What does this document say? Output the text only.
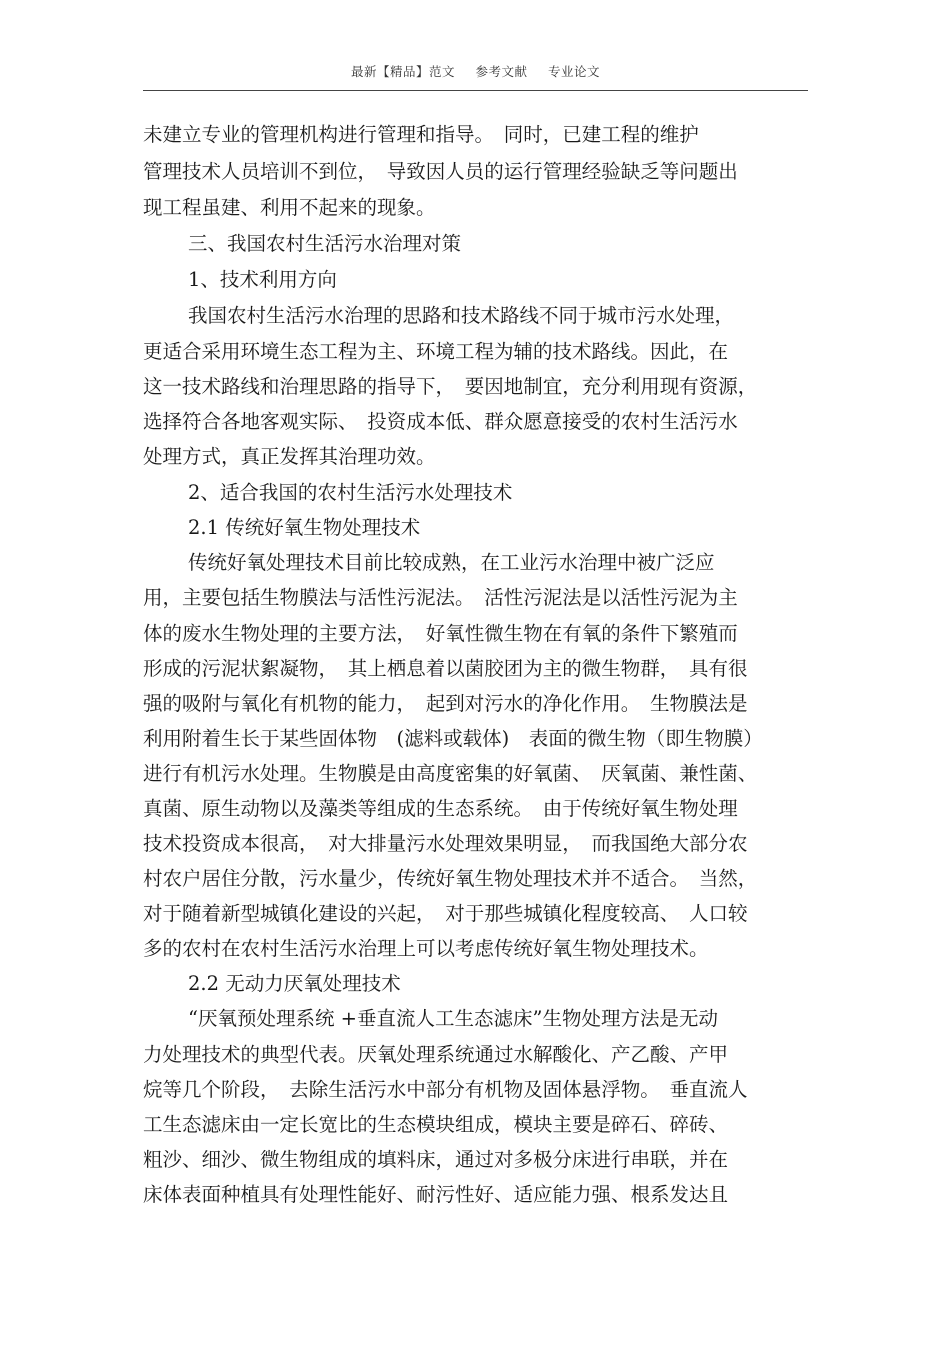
最新【精品】范文 参考文献 专业论文
未建立专业的管理机构进行管理和指导。　同时，已建工程的维护
管理技术人员培训不到位，　导致因人员的运行管理经验缺乏等问题出
现工程虽建、利用不起来的现象。
三、我国农村生活污水治理对策
1、技术利用方向
我国农村生活污水治理的思路和技术路线不同于城市污水处理，
更适合采用环境生态工程为主、环境工程为辅的技术路线。因此，在
这一技术路线和治理思路的指导下，　要因地制宜，充分利用现有资源，
选择符合各地客观实际、　投资成本低、群众愿意接受的农村生活污水
处理方式，真正发挥其治理功效。
2、适合我国的农村生活污水处理技术
2.1 传统好氧生物处理技术
传统好氧处理技术目前比较成熟，在工业污水治理中被广泛应
用，主要包括生物膜法与活性污泥法。　活性污泥法是以活性污泥为主
体的废水生物处理的主要方法，　好氧性微生物在有氧的条件下繁殖而
形成的污泥状絮凝物，　其上栖息着以菌胶团为主的微生物群，　具有很
强的吸附与氧化有机物的能力，　起到对污水的净化作用。　生物膜法是
利用附着生长于某些固体物　(滤料或载体)　表面的微生物（即生物膜）
进行有机污水处理。生物膜是由高度密集的好氧菌、　厌氧菌、兼性菌、
真菌、原生动物以及藻类等组成的生态系统。　由于传统好氧生物处理
技术投资成本很高，　对大排量污水处理效果明显，　而我国绝大部分农
村农户居住分散，污水量少，传统好氧生物处理技术并不适合。　当然，
对于随着新型城镇化建设的兴起，　对于那些城镇化程度较高、　人口较
多的农村在农村生活污水治理上可以考虑传统好氧生物处理技术。
2.2 无动力厌氧处理技术
“厌氧预处理系统 +垂直流人工生态滤床”生物处理方法是无动
力处理技术的典型代表。厌氧处理系统通过水解酸化、产乙酸、产甲
烷等几个阶段，　去除生活污水中部分有机物及固体悬浮物。　垂直流人
工生态滤床由一定长宽比的生态模块组成，模块主要是碎石、碎砖、
粗沙、细沙、微生物组成的填料床，通过对多极分床进行串联，并在
床体表面种植具有处理性能好、耐污性好、适应能力强、根系发达且
